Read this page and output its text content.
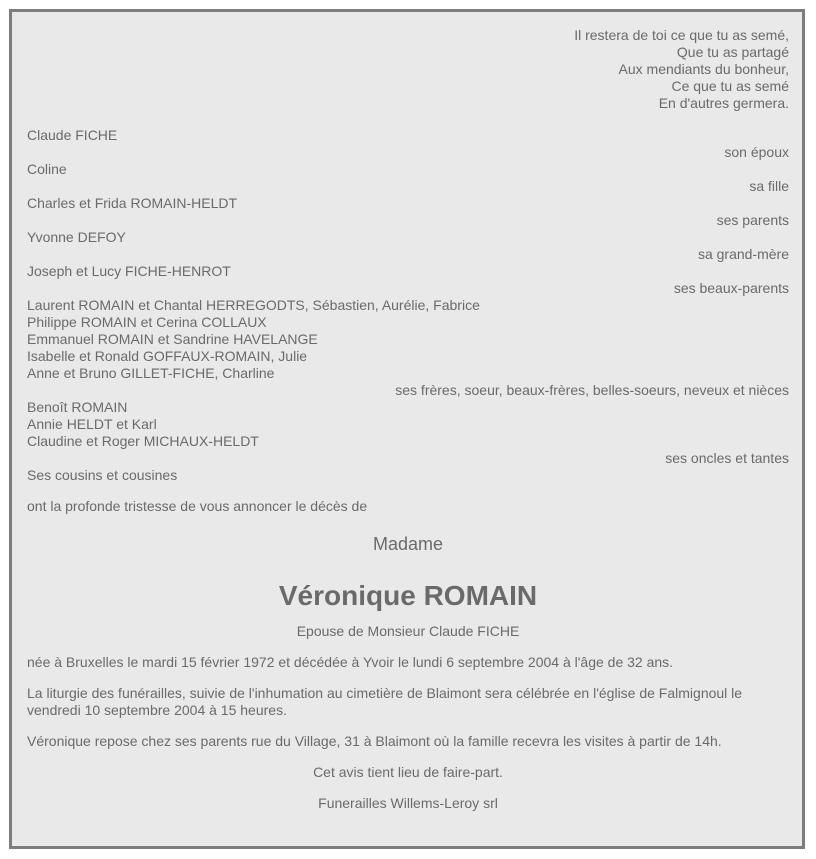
Il restera de toi ce que tu as semé,
Que tu as partagé
Aux mendiants du bonheur,
Ce que tu as semé
En d'autres germera.
Claude FICHE
son époux
Coline
sa fille
Charles et Frida ROMAIN-HELDT
ses parents
Yvonne DEFOY
sa grand-mère
Joseph et Lucy FICHE-HENROT
ses beaux-parents
Laurent ROMAIN et Chantal HERREGODTS, Sébastien, Aurélie, Fabrice
Philippe ROMAIN et Cerina COLLAUX
Emmanuel ROMAIN et Sandrine HAVELANGE
Isabelle et Ronald GOFFAUX-ROMAIN, Julie
Anne et Bruno GILLET-FICHE, Charline
ses frères, soeur, beaux-frères, belles-soeurs, neveux et nièces
Benoît ROMAIN
Annie HELDT et Karl
Claudine et Roger MICHAUX-HELDT
ses oncles et tantes
Ses cousins et cousines
ont la profonde tristesse de vous annoncer le décès de
Madame
Véronique ROMAIN
Epouse de Monsieur Claude FICHE
née à Bruxelles le mardi 15 février 1972 et décédée à Yvoir le lundi 6 septembre 2004 à l'âge de 32 ans.
La liturgie des funérailles, suivie de l'inhumation au cimetière de Blaimont sera célébrée en l'église de Falmignoul le vendredi 10 septembre 2004 à 15 heures.
Véronique repose chez ses parents rue du Village, 31 à Blaimont où la famille recevra les visites à partir de 14h.
Cet avis tient lieu de faire-part.
Funerailles Willems-Leroy srl
